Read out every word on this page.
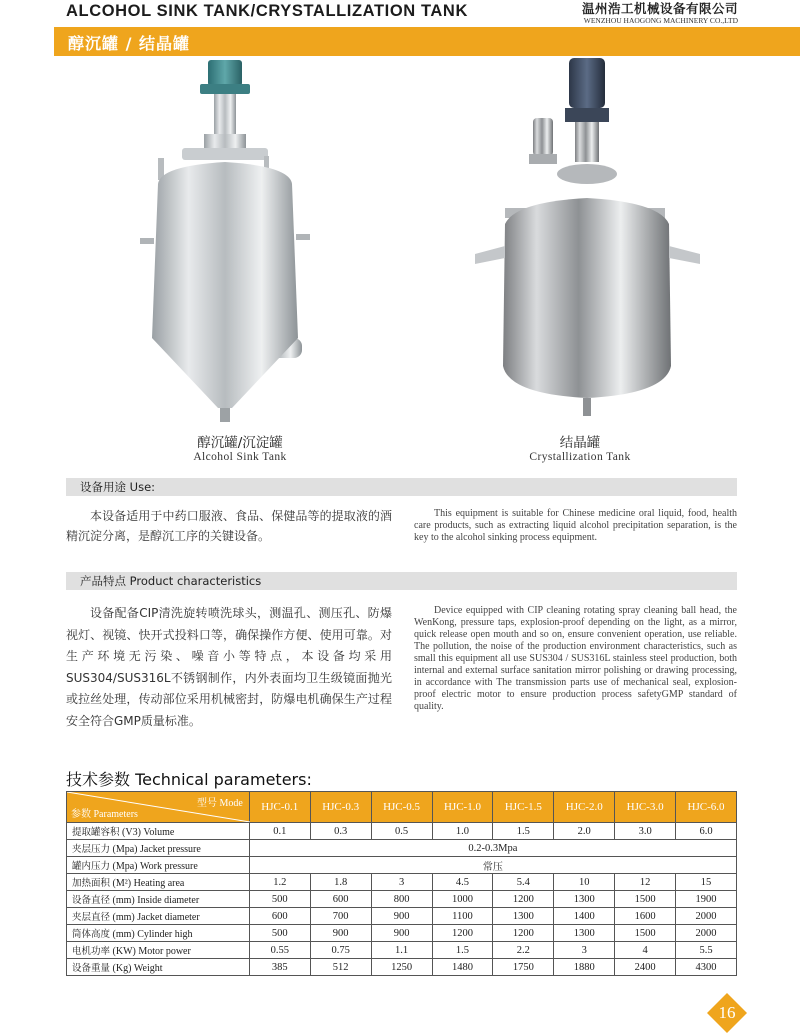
ALCOHOL SINK TANK/CRYSTALLIZATION TANK	温州浩工机械设备有限公司
WENZHOU HAOGONG MACHINERY CO.,LTD
醇沉罐 / 结晶罐
醇沉罐/沉淀罐
Alcohol Sink Tank
结晶罐
Crystallization Tank
设备用途 Use:
本设备适用于中药口服液、食品、保健品等的提取液的酒精沉淀分离，是醇沉工序的关键设备。
This equipment is suitable for Chinese medicine oral liquid, food, health care products, such as extracting liquid alcohol precipitation separation, is the key to the alcohol sinking process equipment.
产品特点 Product characteristics
设备配备CIP清洗旋转喷洗球头，测温孔、测压孔、防爆视灯、视镜、快开式投料口等，确保操作方便、使用可靠。对生产环境无污染、噪音小等特点，本设备均采用SUS304/SUS316L不锈钢制作，内外表面均卫生级镜面抛光或拉丝处理，传动部位采用机械密封，防爆电机确保生产过程安全符合GMP质量标准。
Device equipped with CIP cleaning rotating spray cleaning ball head, the WenKong, pressure taps, explosion-proof depending on the light, as a mirror, quick release open mouth and so on, ensure convenient operation, use reliable. The pollution, the noise of the production environment characteristics, such as small this equipment all use SUS304 / SUS316L stainless steel production, both internal and external surface sanitation mirror polishing or drawing processing, in accordance with The transmission parts use of mechanical seal, explosion-proof electric motor to ensure production process safetyGMP standard of quality.
技术参数 Technical parameters:
型号 Mode
参数 Parameters	HJC-0.1	HJC-0.3	HJC-0.5	HJC-1.0	HJC-1.5	HJC-2.0	HJC-3.0	HJC-6.0
提取罐容积 (V3) Volume	0.1	0.3	0.5	1.0	1.5	2.0	3.0	6.0
夹层压力 (Mpa) Jacket pressure	0.2-0.3Mpa							
罐内压力 (Mpa) Work pressure	常压							
加热面积 (M²) Heating area	1.2	1.8	3	4.5	5.4	10	12	15
设备直径 (mm) Inside diameter	500	600	800	1000	1200	1300	1500	1900
夹层直径 (mm) Jacket diameter	600	700	900	1100	1300	1400	1600	2000
筒体高度 (mm) Cylinder high	500	900	900	1200	1200	1300	1500	2000
电机功率 (KW) Motor power	0.55	0.75	1.1	1.5	2.2	3	4	5.5
设备重量 (Kg) Weight	385	512	1250	1480	1750	1880	2400	4300
16
